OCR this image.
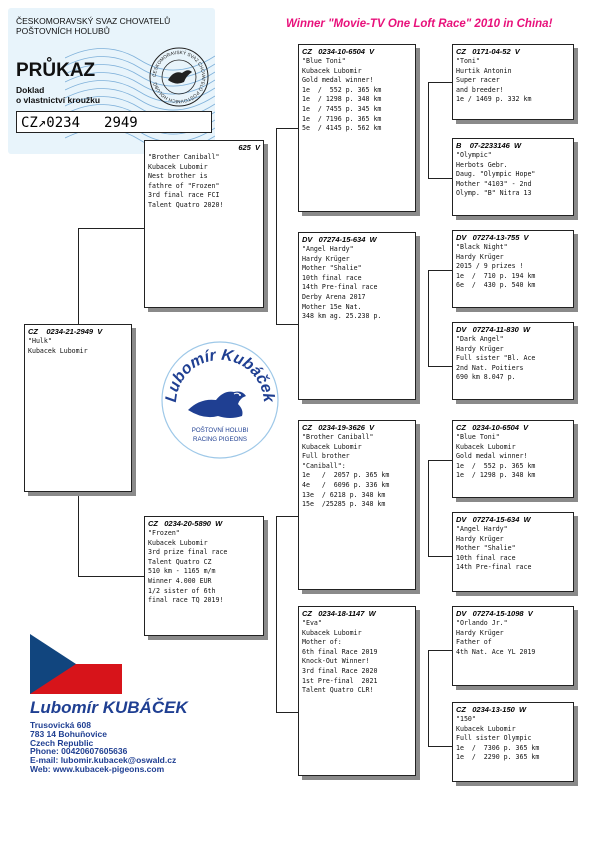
Winner "Movie-TV One Loft Race" 2010 in China!
ČESKOMORAVSKÝ SVAZ CHOVATELŮ
POŠTOVNÍCH HOLUBŮ
ČESKOMORAVSKÝ SVAZ CHOVATELŮ POŠTOVNÍCH HOLUBŮ
PRŮKAZ
Doklad
o vlastnictví kroužku
CZ↗0234 2949
CZ    0234-21-2949  V
"Hulk"
Kubacek Lubomir
625  V
"Brother Caniball"
Kubacek Lubomir
Nest brother is
fathre of "Frozen"
3rd final race FCI
Talent Quatro 2020!
CZ   0234-20-5890  W
"Frozen"
Kubacek Lubomir
3rd prize final race
Talent Quatro CZ
510 km - 1165 m/m
Winner 4.000 EUR
1/2 sister of 6th
final race TQ 2019!
CZ   0234-10-6504  V
"Blue Toni"
Kubacek Lubomir
Gold medal winner!
1e  /  552 p. 365 km
1e  / 1298 p. 348 km
1e  / 7455 p. 345 km
1e  / 7196 p. 365 km
5e  / 4145 p. 562 km
DV   07274-15-634  W
"Angel Hardy"
Hardy Krüger
Mother "Shalie"
10th final race
14th Pre-final race
Derby Arena 2017
Mother 15e Nat.
348 km ag. 25.238 p.
CZ   0234-19-3626  V
"Brother Caniball"
Kubacek Lubomir
Full brother
"Caniball":
1e   /  2057 p. 365 km
4e   /  6096 p. 336 km
13e  / 6218 p. 348 km
15e  /25285 p. 348 km
CZ   0234-18-1147  W
"Eva"
Kubacek Lubomir
Mother of:
6th final Race 2019
Knock-Out Winner!
3rd final Race 2020
1st Pre-final  2021
Talent Quatro CLR!
CZ   0171-04-52  V
"Toni"
Hurtik Antonin
Super racer
and breeder!
1e / 1469 p. 332 km
B    07-2233146  W
"Olympic"
Herbots Gebr.
Daug. "Olympic Hope"
Mother "4103" - 2nd
Olymp. "B" Nitra 13
DV   07274-13-755  V
"Black Night"
Hardy Krüger
2015 / 9 prizes !
1e  /  710 p. 194 km
6e  /  430 p. 540 km
DV   07274-11-830  W
"Dark Angel"
Hardy Krüger
Full sister "Bl. Ace
2nd Nat. Poitiers
690 km 8.047 p.
CZ   0234-10-6504  V
"Blue Toni"
Kubacek Lubomir
Gold medal winner!
1e  /  552 p. 365 km
1e  / 1298 p. 348 km
DV   07274-15-634  W
"Angel Hardy"
Hardy Krüger
Mother "Shalie"
10th final race
14th Pre-final race
DV   07274-15-1098  V
"Orlando Jr."
Hardy Krüger
Father of
4th Nat. Ace YL 2019
CZ   0234-13-150  W
"150"
Kubacek Lubomir
Full sister Olympic
1e  /  7306 p. 365 km
1e  /  2290 p. 365 km
Lubomír Kubáček
POŠTOVNÍ HOLUBI
RACING PIGEONS
Lubomír KUBÁČEK
Trusovická 608
783 14 Bohuňovice
Czech Republic
Phone: 00420607605636
E-mail: lubomir.kubacek@oswald.cz
Web: www.kubacek-pigeons.com
